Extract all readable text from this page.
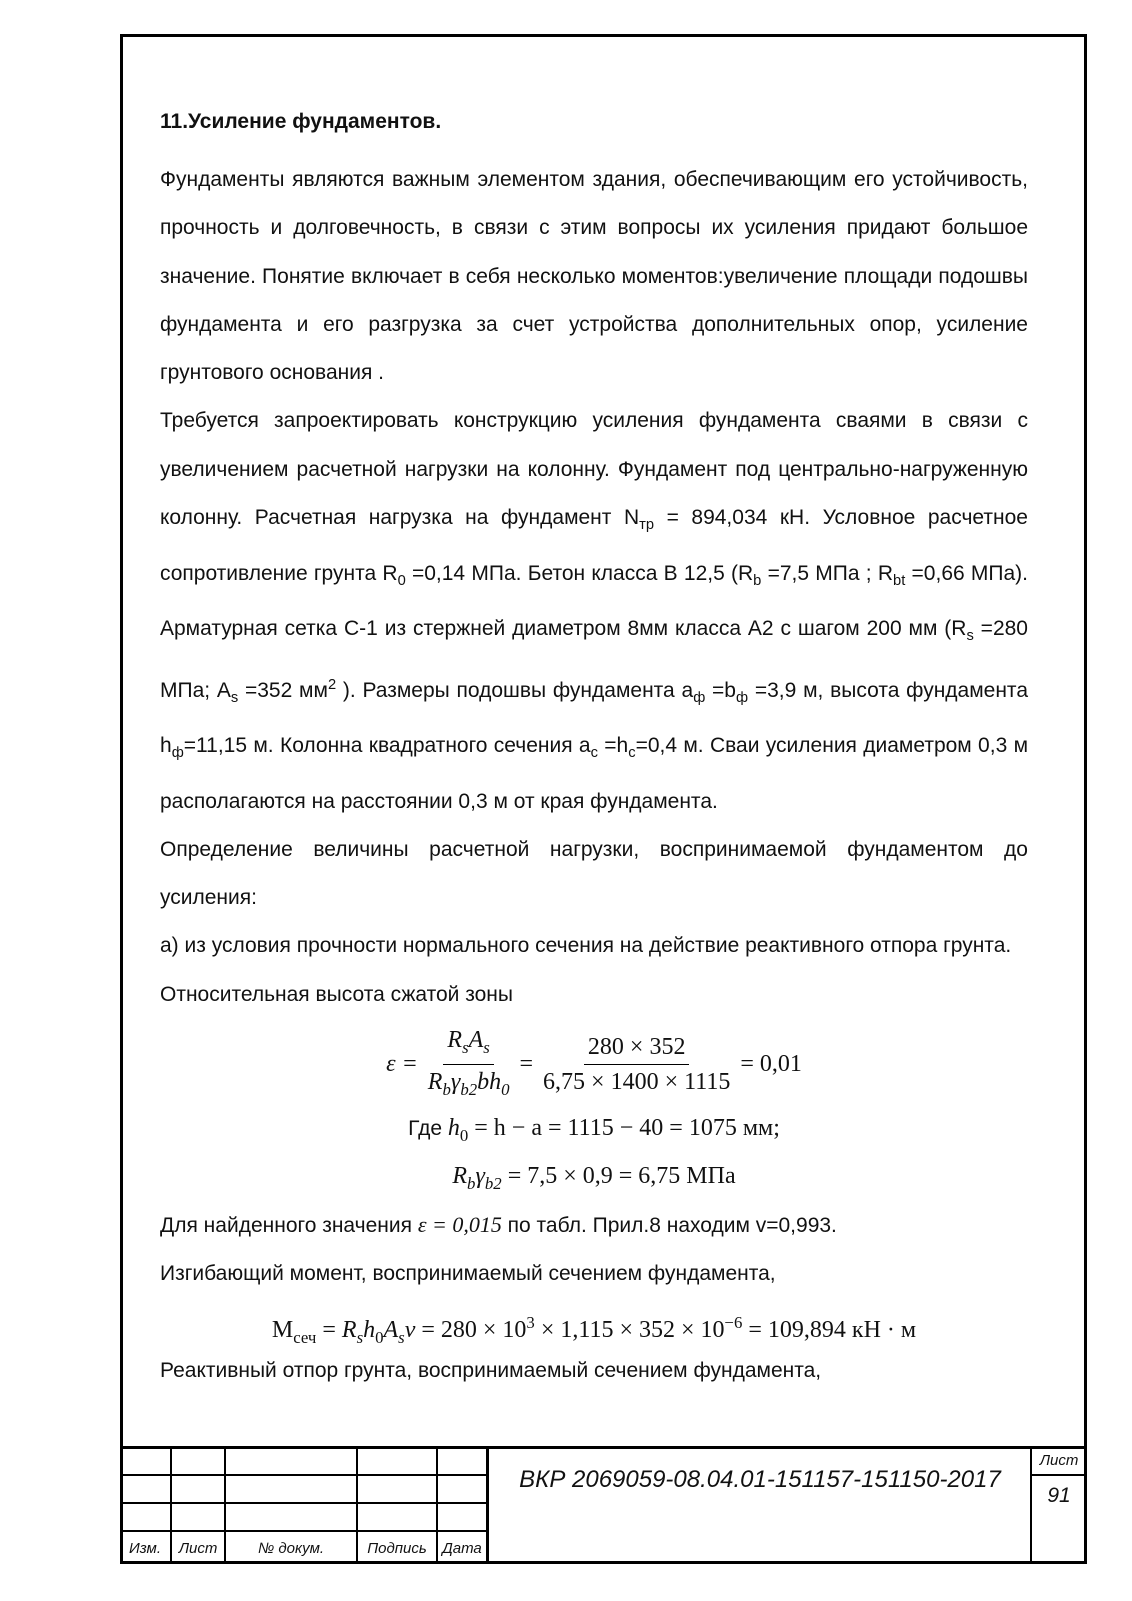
11.Усиление фундаментов.

Фундаменты являются важным элементом здания, обеспечивающим его устойчивость, прочность и долговечность, в связи с этим вопросы их усиления придают большое значение. Понятие включает в себя несколько моментов:увеличение площади подошвы фундамента и его разгрузка за счет устройства дополнительных опор, усиление грунтового основания .

Требуется запроектировать конструкцию усиления фундамента сваями в связи с увеличением расчетной нагрузки на колонну. Фундамент под центрально-нагруженную колонну. Расчетная нагрузка на фундамент $N_{тр} = 894,034$ кН. Условное расчетное сопротивление грунта $R_0 =0,14$ МПа. Бетон класса В 12,5 ($R_b =7,5$ МПа ; $R_{bt} =0,66$ МПа). Арматурная сетка С-1 из стержней диаметром 8мм класса А2 с шагом 200 мм ($R_s =280$ МПа; $A_s =352$ $мм^2$ ). Размеры подошвы фундамента $a_ф =b_ф =3,9$ м, высота фундамента $h_ф=11,15$ м. Колонна квадратного сечения $a_c =h_c=0,4$ м. Сваи усиления диаметром 0,3 м располагаются на расстоянии 0,3 м от края фундамента.

Определение величины расчетной нагрузки, воспринимаемой фундаментом до усиления:

а) из условия прочности нормального сечения на действие реактивного отпора грунта.

Относительная высота сжатой зоны

$\varepsilon = \frac{R_sA_s}{R_b\gamma_{b2}bh_0} = \frac{280 \times 352}{6,75 \times 1400 \times 1115} = 0,01$
Где $h_0 = h - a = 1115 - 40 = 1075$ мм;
$R_b\gamma_{b2} = 7,5 \times 0,9 = 6,75$ МПа

Для найденного значения ε = 0,015 по табл. Прил.8 находим v=0,993.

Изгибающий момент, воспринимаемый сечением фундамента,

$М_{сеч} = R_sh_0A_sv = 280 \times 10^3 \times 1,115 \times 352 \times 10^{-6} = 109,894$ кН · м

Реактивный отпор грунта, воспринимаемый сечением фундамента,

Изм.	Лист	№ докум.	Подпись	Дата
ВКР 2069059-08.04.01-151157-151150-2017
Лист
91
